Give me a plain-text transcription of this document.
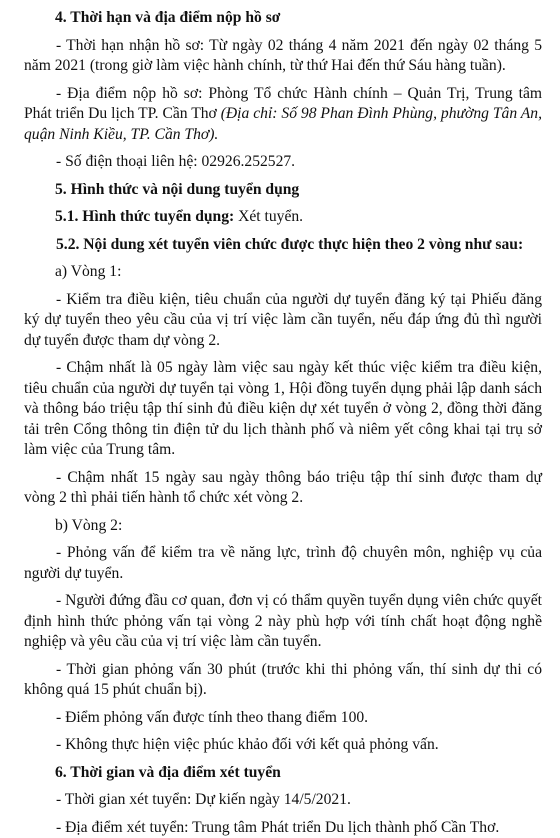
4. Thời hạn và địa điểm nộp hồ sơ
- Thời hạn nhận hồ sơ: Từ ngày 02 tháng 4 năm 2021 đến ngày 02 tháng 5 năm 2021 (trong giờ làm việc hành chính, từ thứ Hai đến thứ Sáu hàng tuần).
- Địa điểm nộp hồ sơ: Phòng Tổ chức Hành chính – Quản Trị, Trung tâm Phát triển Du lịch TP. Cần Thơ (Địa chỉ: Số 98 Phan Đình Phùng, phường Tân An, quận Ninh Kiều, TP. Cần Thơ).
- Số điện thoại liên hệ: 02926.252527.
5. Hình thức và nội dung tuyển dụng
5.1. Hình thức tuyển dụng: Xét tuyển.
5.2. Nội dung xét tuyển viên chức được thực hiện theo 2 vòng như sau:
a) Vòng 1:
- Kiểm tra điều kiện, tiêu chuẩn của người dự tuyển đăng ký tại Phiếu đăng ký dự tuyển theo yêu cầu của vị trí việc làm cần tuyển, nếu đáp ứng đủ thì người dự tuyển được tham dự vòng 2.
- Chậm nhất là 05 ngày làm việc sau ngày kết thúc việc kiểm tra điều kiện, tiêu chuẩn của người dự tuyển tại vòng 1, Hội đồng tuyển dụng phải lập danh sách và thông báo triệu tập thí sinh đủ điều kiện dự xét tuyển ở vòng 2, đồng thời đăng tải trên Cổng thông tin điện tử du lịch thành phố và niêm yết công khai tại trụ sở làm việc của Trung tâm.
- Chậm nhất 15 ngày sau ngày thông báo triệu tập thí sinh được tham dự vòng 2 thì phải tiến hành tổ chức xét vòng 2.
b) Vòng 2:
- Phỏng vấn để kiểm tra về năng lực, trình độ chuyên môn, nghiệp vụ của người dự tuyển.
- Người đứng đầu cơ quan, đơn vị có thẩm quyền tuyển dụng viên chức quyết định hình thức phỏng vấn tại vòng 2 này phù hợp với tính chất hoạt động nghề nghiệp và yêu cầu của vị trí việc làm cần tuyển.
- Thời gian phỏng vấn 30 phút (trước khi thi phỏng vấn, thí sinh dự thi có không quá 15 phút chuẩn bị).
- Điểm phỏng vấn được tính theo thang điểm 100.
- Không thực hiện việc phúc khảo đối với kết quả phỏng vấn.
6. Thời gian và địa điểm xét tuyển
- Thời gian xét tuyển: Dự kiến ngày 14/5/2021.
- Địa điểm xét tuyển: Trung tâm Phát triển Du lịch thành phố Cần Thơ.
